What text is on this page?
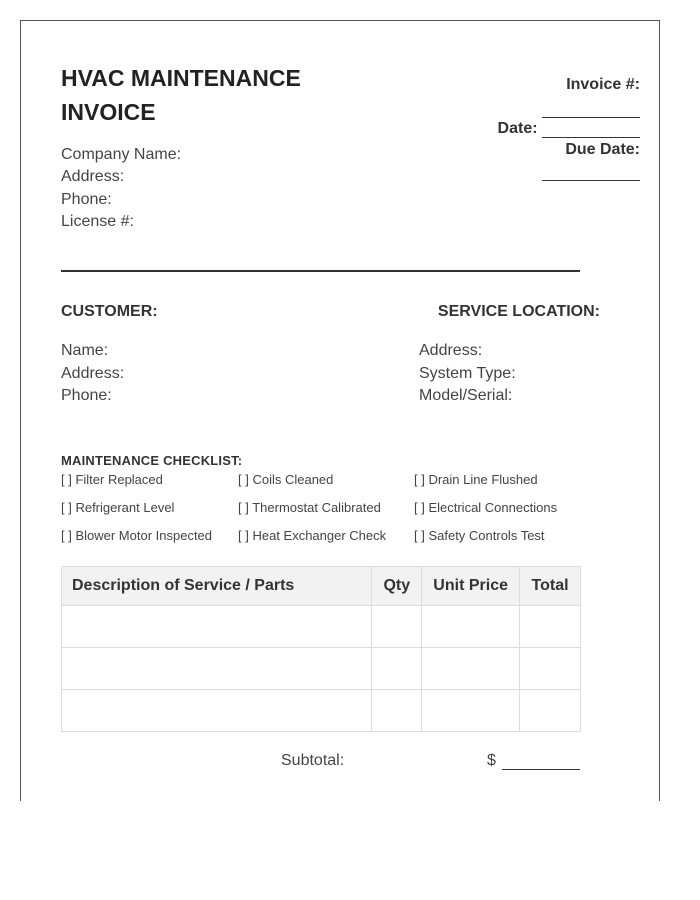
HVAC MAINTENANCE INVOICE
Company Name:
Address:
Phone:
License #:
Invoice #:
Date:
Due Date:
CUSTOMER:	SERVICE LOCATION:
Name:
Address:
Phone:
Address:
System Type:
Model/Serial:
MAINTENANCE CHECKLIST:
[ ] Filter Replaced	[ ] Coils Cleaned	[ ] Drain Line Flushed
[ ] Refrigerant Level	[ ] Thermostat Calibrated	[ ] Electrical Connections
[ ] Blower Motor Inspected [ ] Heat Exchanger Check [ ] Safety Controls Test
Description of Service / Parts	Qty	Unit Price	Total

Subtotal:	$
